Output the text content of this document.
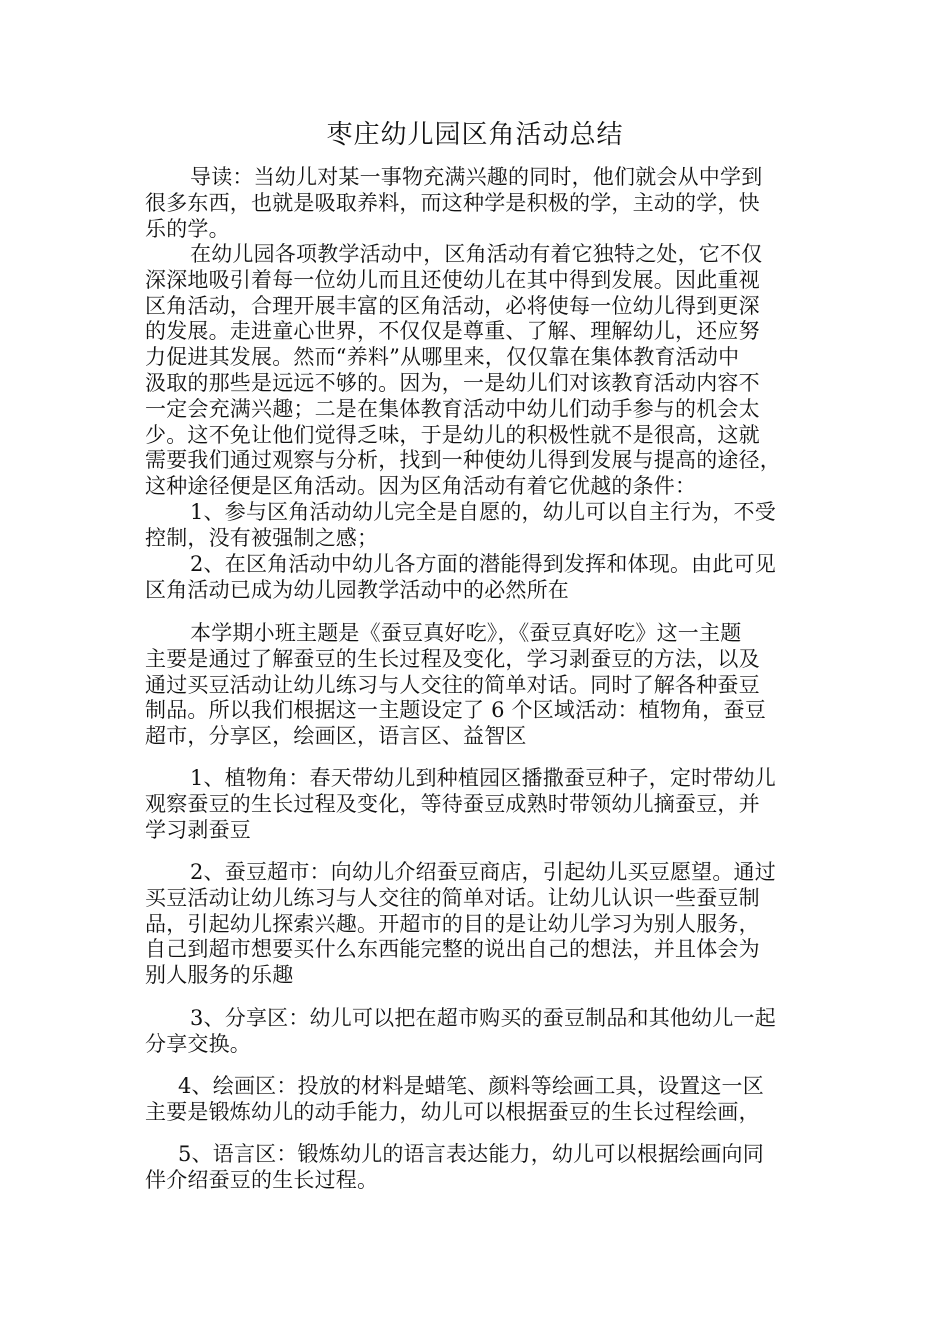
枣庄幼儿园区角活动总结
导读：当幼儿对某一事物充满兴趣的同时，他们就会从中学到
很多东西，也就是吸取养料，而这种学是积极的学，主动的学，快
乐的学。
在幼儿园各项教学活动中，区角活动有着它独特之处，它不仅
深深地吸引着每一位幼儿而且还使幼儿在其中得到发展。因此重视
区角活动，合理开展丰富的区角活动，必将使每一位幼儿得到更深
的发展。走进童心世界，不仅仅是尊重、了解、理解幼儿，还应努
力促进其发展。然而“养料”从哪里来，仅仅靠在集体教育活动中
汲取的那些是远远不够的。因为，一是幼儿们对该教育活动内容不
一定会充满兴趣；二是在集体教育活动中幼儿们动手参与的机会太
少。这不免让他们觉得乏味，于是幼儿的积极性就不是很高，这就
需要我们通过观察与分析，找到一种使幼儿得到发展与提高的途径，
这种途径便是区角活动。因为区角活动有着它优越的条件：
1、参与区角活动幼儿完全是自愿的，幼儿可以自主行为，不受
控制，没有被强制之感；
2、在区角活动中幼儿各方面的潜能得到发挥和体现。由此可见
区角活动已成为幼儿园教学活动中的必然所在
本学期小班主题是《蚕豆真好吃》，《蚕豆真好吃》这一主题
主要是通过了解蚕豆的生长过程及变化，学习剥蚕豆的方法，以及
通过买豆活动让幼儿练习与人交往的简单对话。同时了解各种蚕豆
制品。所以我们根据这一主题设定了 6 个区域活动：植物角，蚕豆
超市，分享区，绘画区，语言区、益智区
1、植物角：春天带幼儿到种植园区播撒蚕豆种子，定时带幼儿
观察蚕豆的生长过程及变化，等待蚕豆成熟时带领幼儿摘蚕豆，并
学习剥蚕豆
2、蚕豆超市：向幼儿介绍蚕豆商店，引起幼儿买豆愿望。通过
买豆活动让幼儿练习与人交往的简单对话。让幼儿认识一些蚕豆制
品，引起幼儿探索兴趣。开超市的目的是让幼儿学习为别人服务，
自己到超市想要买什么东西能完整的说出自己的想法，并且体会为
别人服务的乐趣
3、分享区：幼儿可以把在超市购买的蚕豆制品和其他幼儿一起
分享交换。
4、绘画区：投放的材料是蜡笔、颜料等绘画工具，设置这一区
主要是锻炼幼儿的动手能力，幼儿可以根据蚕豆的生长过程绘画，
5、语言区：锻炼幼儿的语言表达能力，幼儿可以根据绘画向同
伴介绍蚕豆的生长过程。
